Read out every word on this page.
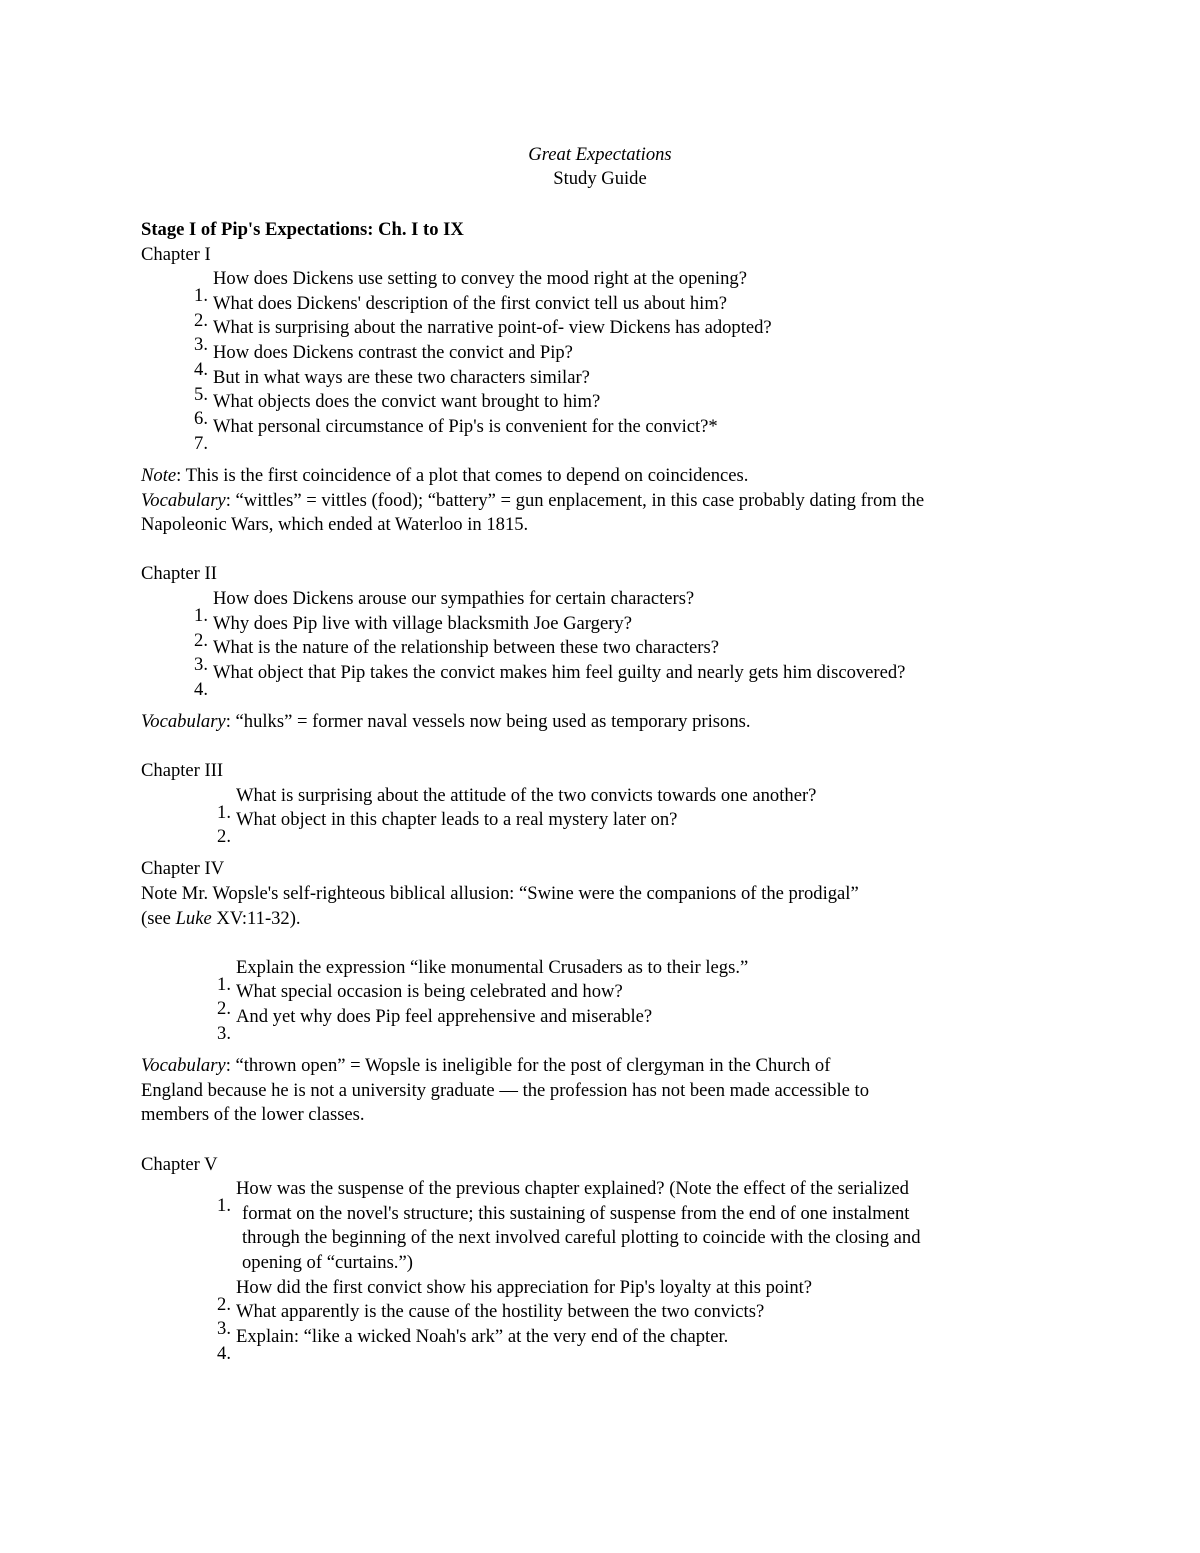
Great Expectations
Study Guide
Stage I of Pip's Expectations: Ch. I to IX
Chapter I
1.
How does Dickens use setting to convey the mood right at the opening?
2.
What does Dickens' description of the first convict tell us about him?
3.
What is surprising about the narrative point-of- view Dickens has adopted?
4.
How does Dickens contrast the convict and Pip?
5.
But in what ways are these two characters similar?
6.
What objects does the convict want brought to him?
7.
What personal circumstance of Pip's is convenient for the convict?*
Note: This is the first coincidence of a plot that comes to depend on coincidences.
Vocabulary: “wittles” = vittles (food); “battery” = gun enplacement, in this case probably dating from the
Napoleonic Wars, which ended at Waterloo in 1815.
Chapter II
1.
How does Dickens arouse our sympathies for certain characters?
2.
Why does Pip live with village blacksmith Joe Gargery?
3.
What is the nature of the relationship between these two characters?
4.
What object that Pip takes the convict makes him feel guilty and nearly gets him discovered?
Vocabulary: “hulks” = former naval vessels now being used as temporary prisons.
Chapter III
1.
What is surprising about the attitude of the two convicts towards one another?
2.
What object in this chapter leads to a real mystery later on?
Chapter IV
Note Mr. Wopsle's self-righteous biblical allusion: “Swine were the companions of the prodigal”
(see Luke XV:11-32).
1.
Explain the expression “like monumental Crusaders as to their legs.”
2.
What special occasion is being celebrated and how?
3.
And yet why does Pip feel apprehensive and miserable?
Vocabulary: “thrown open” = Wopsle is ineligible for the post of clergyman in the Church of
England because he is not a university graduate — the profession has not been made accessible to
members of the lower classes.
Chapter V
1.
How was the suspense of the previous chapter explained? (Note the effect of the serialized
format on the novel's structure; this sustaining of suspense from the end of one instalment
through the beginning of the next involved careful plotting to coincide with the closing and
opening of “curtains.”)
2.
How did the first convict show his appreciation for Pip's loyalty at this point?
3.
What apparently is the cause of the hostility between the two convicts?
4.
Explain: “like a wicked Noah's ark” at the very end of the chapter.
